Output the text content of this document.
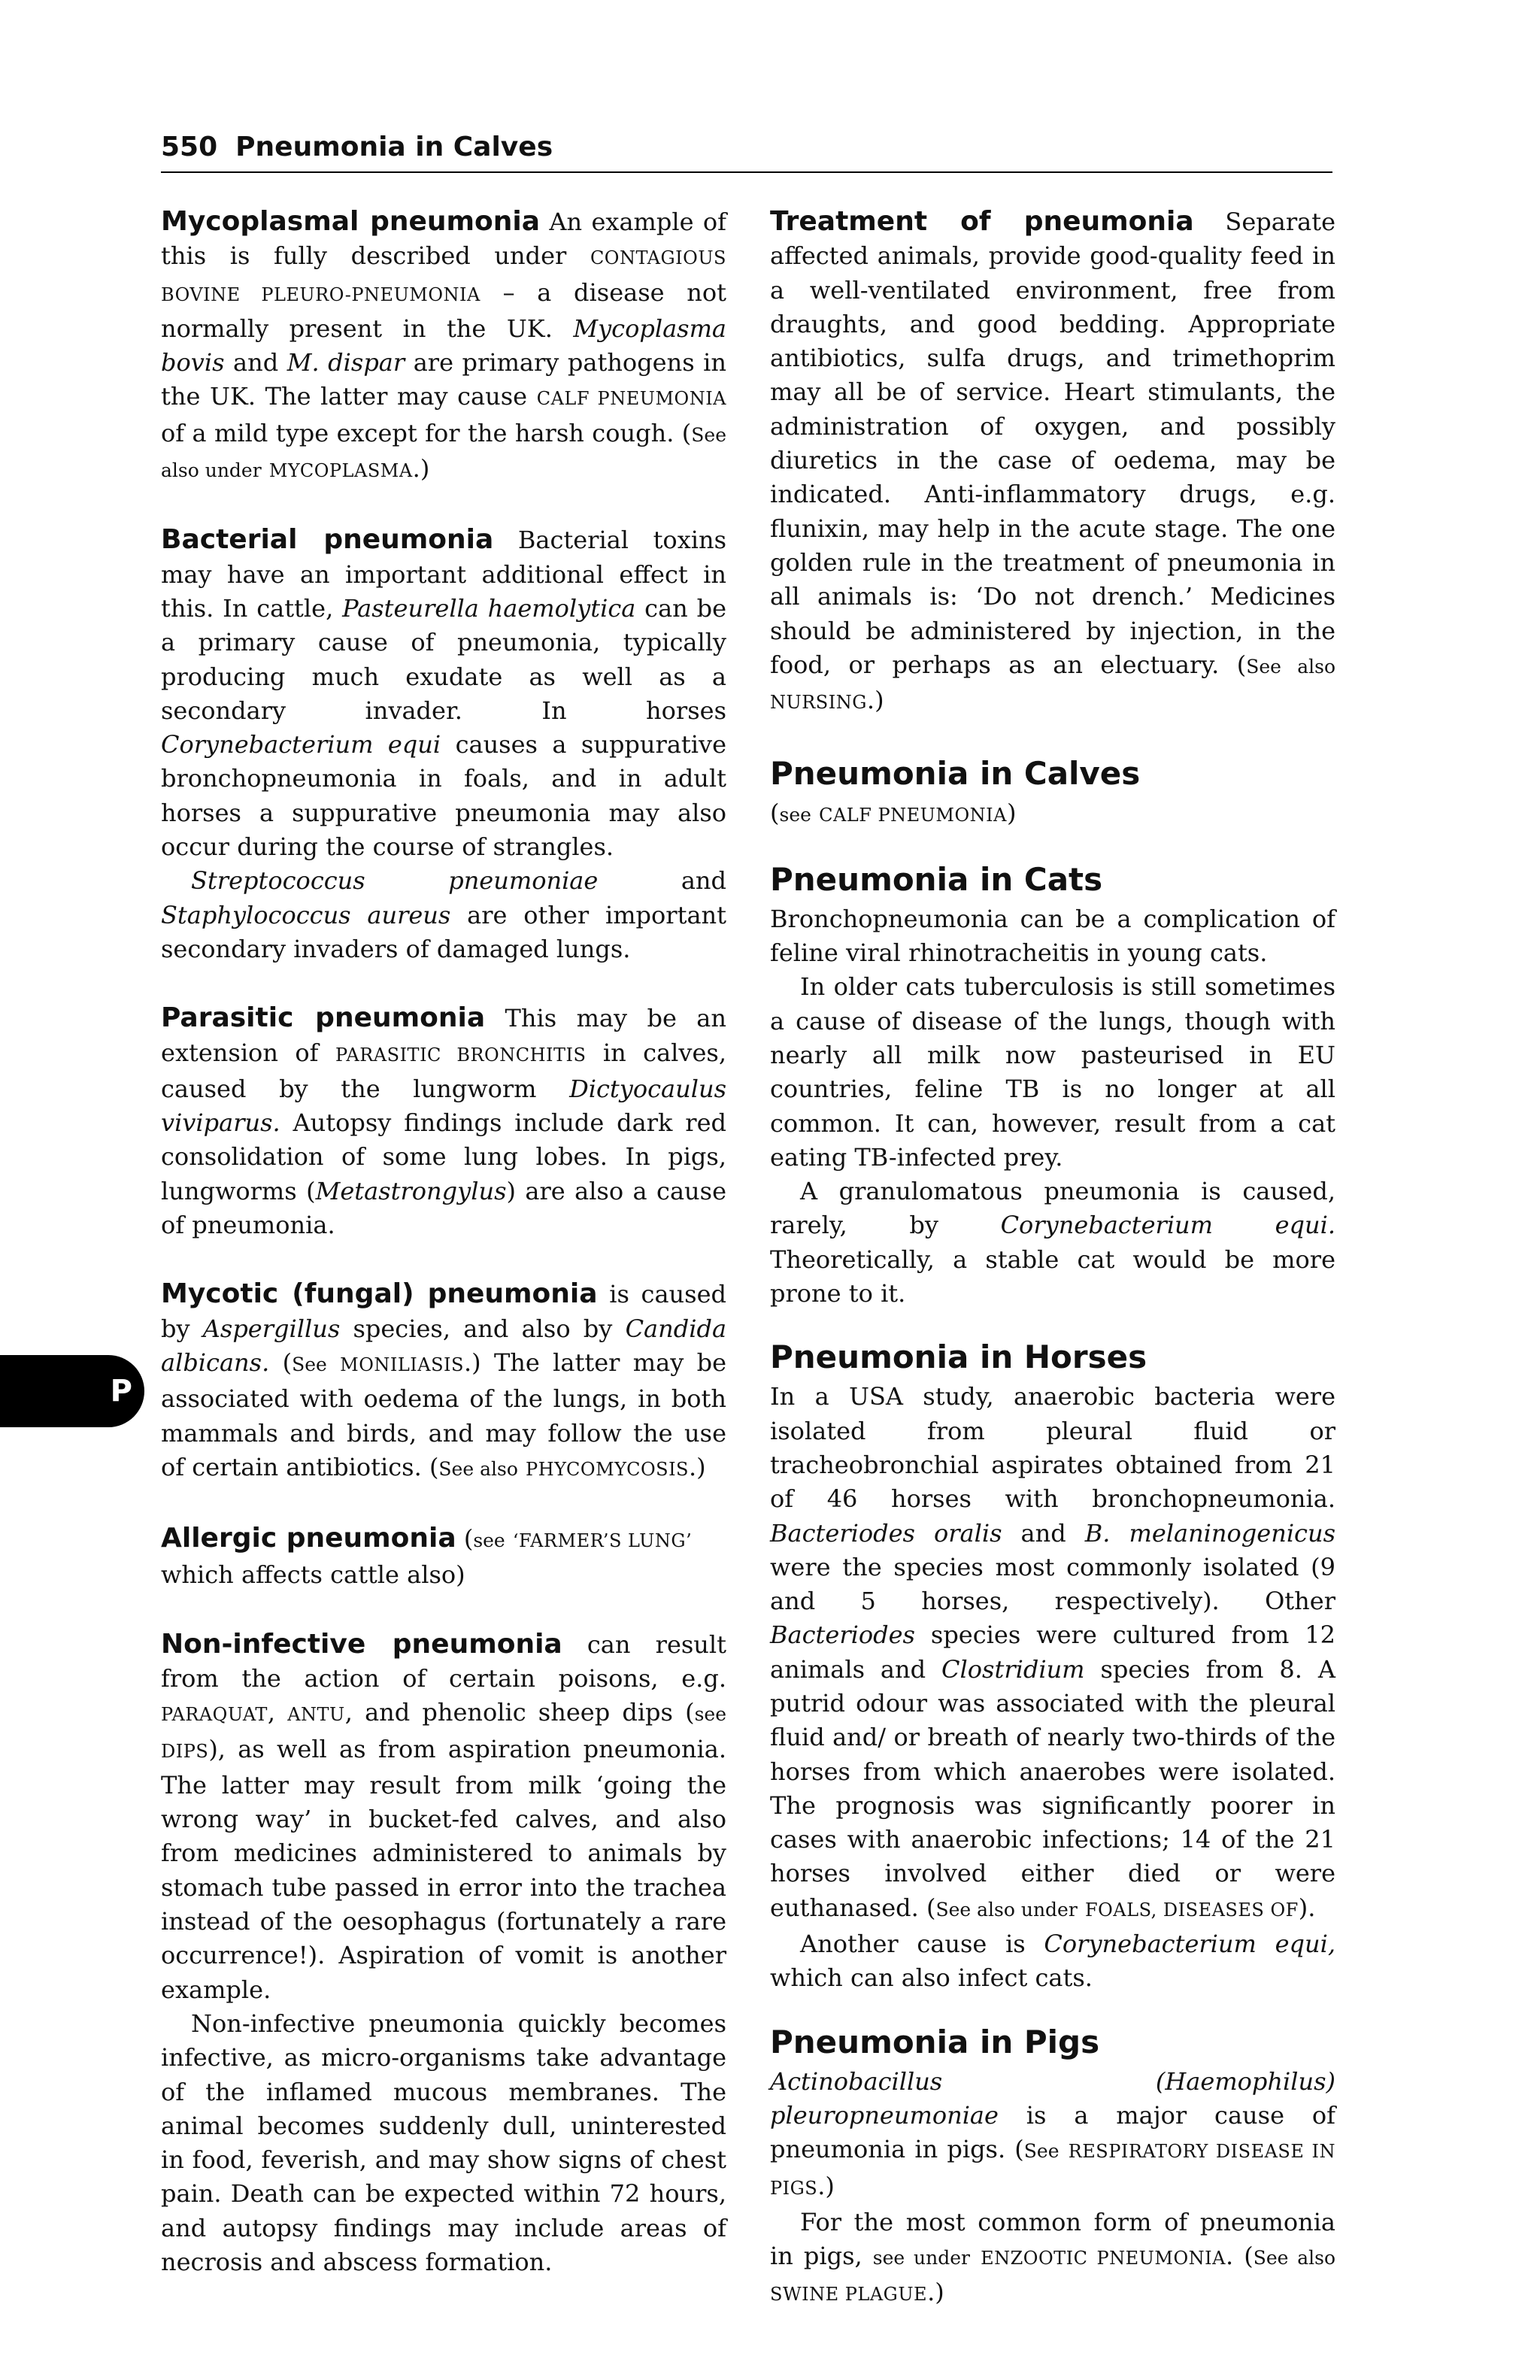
550 Pneumonia in Calves
P

Mycoplasmal pneumonia An example of this is fully described under CONTAGIOUS BOVINE PLEURO-PNEUMONIA – a disease not normally present in the UK. Mycoplasma bovis and M. dispar are primary pathogens in the UK. The latter may cause CALF PNEUMONIA of a mild type except for the harsh cough. (See also under MYCOPLASMA.)

Bacterial pneumonia Bacterial toxins may have an important additional effect in this. In cattle, Pasteurella haemolytica can be a primary cause of pneumonia, typically producing much exudate as well as a secondary invader. In horses Corynebacterium equi causes a suppurative bronchopneumonia in foals, and in adult horses a suppurative pneumonia may also occur during the course of strangles.

Streptococcus pneumoniae and Staphylococcus aureus are other important secondary invaders of damaged lungs.

Parasitic pneumonia This may be an extension of PARASITIC BRONCHITIS in calves, caused by the lungworm Dictyocaulus viviparus. Autopsy findings include dark red consolidation of some lung lobes. In pigs, lungworms (Metastrongylus) are also a cause of pneumonia.

Mycotic (fungal) pneumonia is caused by Aspergillus species, and also by Candida albicans. (See MONILIASIS.) The latter may be associated with oedema of the lungs, in both mammals and birds, and may follow the use of certain antibiotics. (See also PHYCOMYCOSIS.)

Allergic pneumonia (see ‘FARMER’S LUNG’ which affects cattle also)

Non-infective pneumonia can result from the action of certain poisons, e.g. PARAQUAT, ANTU, and phenolic sheep dips (see DIPS), as well as from aspiration pneumonia. The latter may result from milk ‘going the wrong way’ in bucket-fed calves, and also from medicines administered to animals by stomach tube passed in error into the trachea instead of the oesophagus (fortunately a rare occurrence!). Aspiration of vomit is another example.

Non-infective pneumonia quickly becomes infective, as micro-organisms take advantage of the inflamed mucous membranes. The animal becomes suddenly dull, uninterested in food, feverish, and may show signs of chest pain. Death can be expected within 72 hours, and autopsy findings may include areas of necrosis and abscess formation.

Treatment of pneumonia Separate affected animals, provide good-quality feed in a well-ventilated environment, free from draughts, and good bedding. Appropriate antibiotics, sulfa drugs, and trimethoprim may all be of service. Heart stimulants, the administration of oxygen, and possibly diuretics in the case of oedema, may be indicated. Anti-inflammatory drugs, e.g. flunixin, may help in the acute stage. The one golden rule in the treatment of pneumonia in all animals is: ‘Do not drench.’ Medicines should be administered by injection, in the food, or perhaps as an electuary. (See also NURSING.)

Pneumonia in Calves

(see CALF PNEUMONIA)

Pneumonia in Cats

Bronchopneumonia can be a complication of feline viral rhinotracheitis in young cats.

In older cats tuberculosis is still sometimes a cause of disease of the lungs, though with nearly all milk now pasteurised in EU countries, feline TB is no longer at all common. It can, however, result from a cat eating TB-infected prey.

A granulomatous pneumonia is caused, rarely, by Corynebacterium equi. Theoretically, a stable cat would be more prone to it.

Pneumonia in Horses

In a USA study, anaerobic bacteria were isolated from pleural fluid or tracheobronchial aspirates obtained from 21 of 46 horses with bronchopneumonia. Bacteriodes oralis and B. melaninogenicus were the species most commonly isolated (9 and 5 horses, respectively). Other Bacteriodes species were cultured from 12 animals and Clostridium species from 8. A putrid odour was associated with the pleural fluid and/ or breath of nearly two-thirds of the horses from which anaerobes were isolated. The prognosis was significantly poorer in cases with anaerobic infections; 14 of the 21 horses involved either died or were euthanased. (See also under FOALS, DISEASES OF).

Another cause is Corynebacterium equi, which can also infect cats.

Pneumonia in Pigs

Actinobacillus (Haemophilus) pleuropneumoniae is a major cause of pneumonia in pigs. (See RESPIRATORY DISEASE IN PIGS.)

For the most common form of pneumonia in pigs, see under ENZOOTIC PNEUMONIA. (See also SWINE PLAGUE.)
